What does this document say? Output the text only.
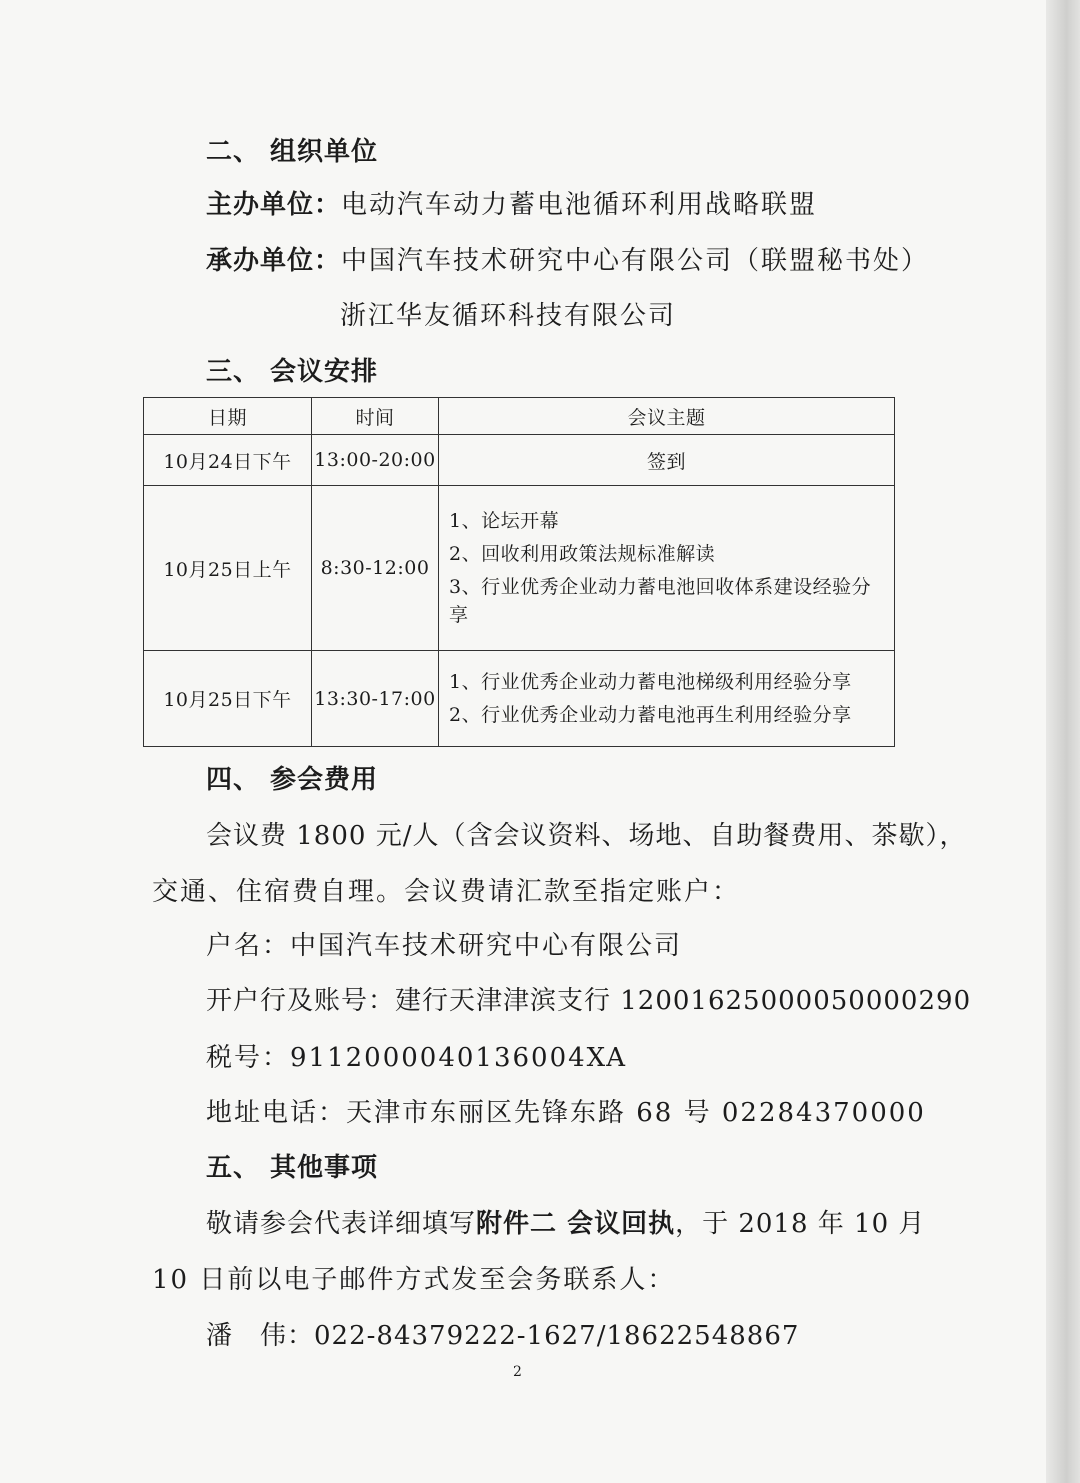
二、 组织单位
主办单位：电动汽车动力蓄电池循环利用战略联盟
承办单位：中国汽车技术研究中心有限公司（联盟秘书处）
浙江华友循环科技有限公司
三、 会议安排
日期	时间	会议主题
10月24日下午	13:00-20:00	签到
10月25日上午	8:30-12:00	1、论坛开幕
2、回收利用政策法规标准解读
3、行业优秀企业动力蓄电池回收体系建设经验分享

10月25日下午	13:30-17:00	1、行业优秀企业动力蓄电池梯级利用经验分享
2、行业优秀企业动力蓄电池再生利用经验分享
四、 参会费用
会议费 1800 元/人（含会议资料、场地、自助餐费用、茶歇），
交通、住宿费自理。会议费请汇款至指定账户：
户名：中国汽车技术研究中心有限公司
开户行及账号：建行天津津滨支行 12001625000050000290
税号：9112000040136004XA
地址电话：天津市东丽区先锋东路 68 号 02284370000
五、 其他事项
敬请参会代表详细填写附件二 会议回执，于 2018 年 10 月
10 日前以电子邮件方式发至会务联系人：
潘　伟：022-84379222-1627/18622548867
2
